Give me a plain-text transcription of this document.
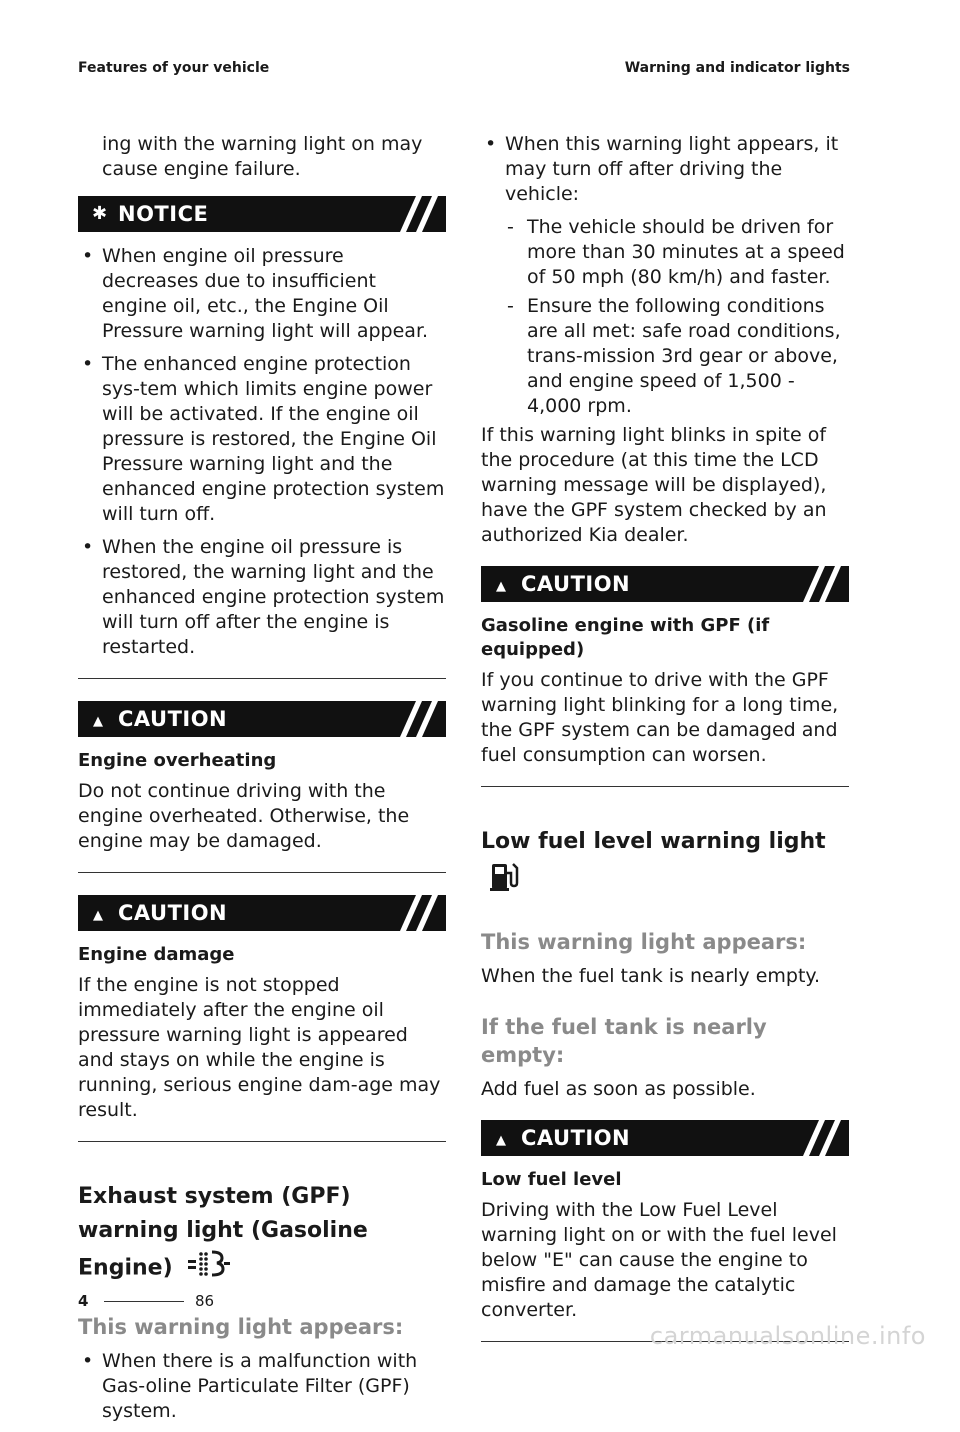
Features of your vehicle	Warning and indicator lights

ing with the warning light on may cause engine failure.

✱ NOTICE
• When engine oil pressure decreases due to insufficient engine oil, etc., the Engine Oil Pressure warning light will appear.
• The enhanced engine protection sys-tem which limits engine power will be activated. If the engine oil pressure is restored, the Engine Oil Pressure warning light and the enhanced engine protection system will turn off.
• When the engine oil pressure is restored, the warning light and the enhanced engine protection system will turn off after the engine is restarted.
▲ CAUTION
Engine overheating

Do not continue driving with the engine overheated. Otherwise, the engine may be damaged.

▲ CAUTION
Engine damage

If the engine is not stopped immediately after the engine oil pressure warning light is appeared and stays on while the engine is running, serious engine dam-age may result.

Exhaust system (GPF) warning light (Gasoline Engine)
This warning light appears:
• When there is a malfunction with Gas-oline Particulate Filter (GPF) system.
• When this warning light appears, it may turn off after driving the vehicle:
- The vehicle should be driven for more than 30 minutes at a speed of 50 mph (80 km/h) and faster.
- Ensure the following conditions are all met: safe road conditions, trans-mission 3rd gear or above, and engine speed of 1,500 - 4,000 rpm.

If this warning light blinks in spite of the procedure (at this time the LCD warning message will be displayed), have the GPF system checked by an authorized Kia dealer.

▲ CAUTION
Gasoline engine with GPF (if equipped)

If you continue to drive with the GPF warning light blinking for a long time, the GPF system can be damaged and fuel consumption can worsen.

Low fuel level warning light
This warning light appears:

When the fuel tank is nearly empty.

If the fuel tank is nearly empty:

Add fuel as soon as possible.

▲ CAUTION
Low fuel level

Driving with the Low Fuel Level warning light on or with the fuel level below "E" can cause the engine to misfire and damage the catalytic converter.

4	86
carmanualsonline.info
